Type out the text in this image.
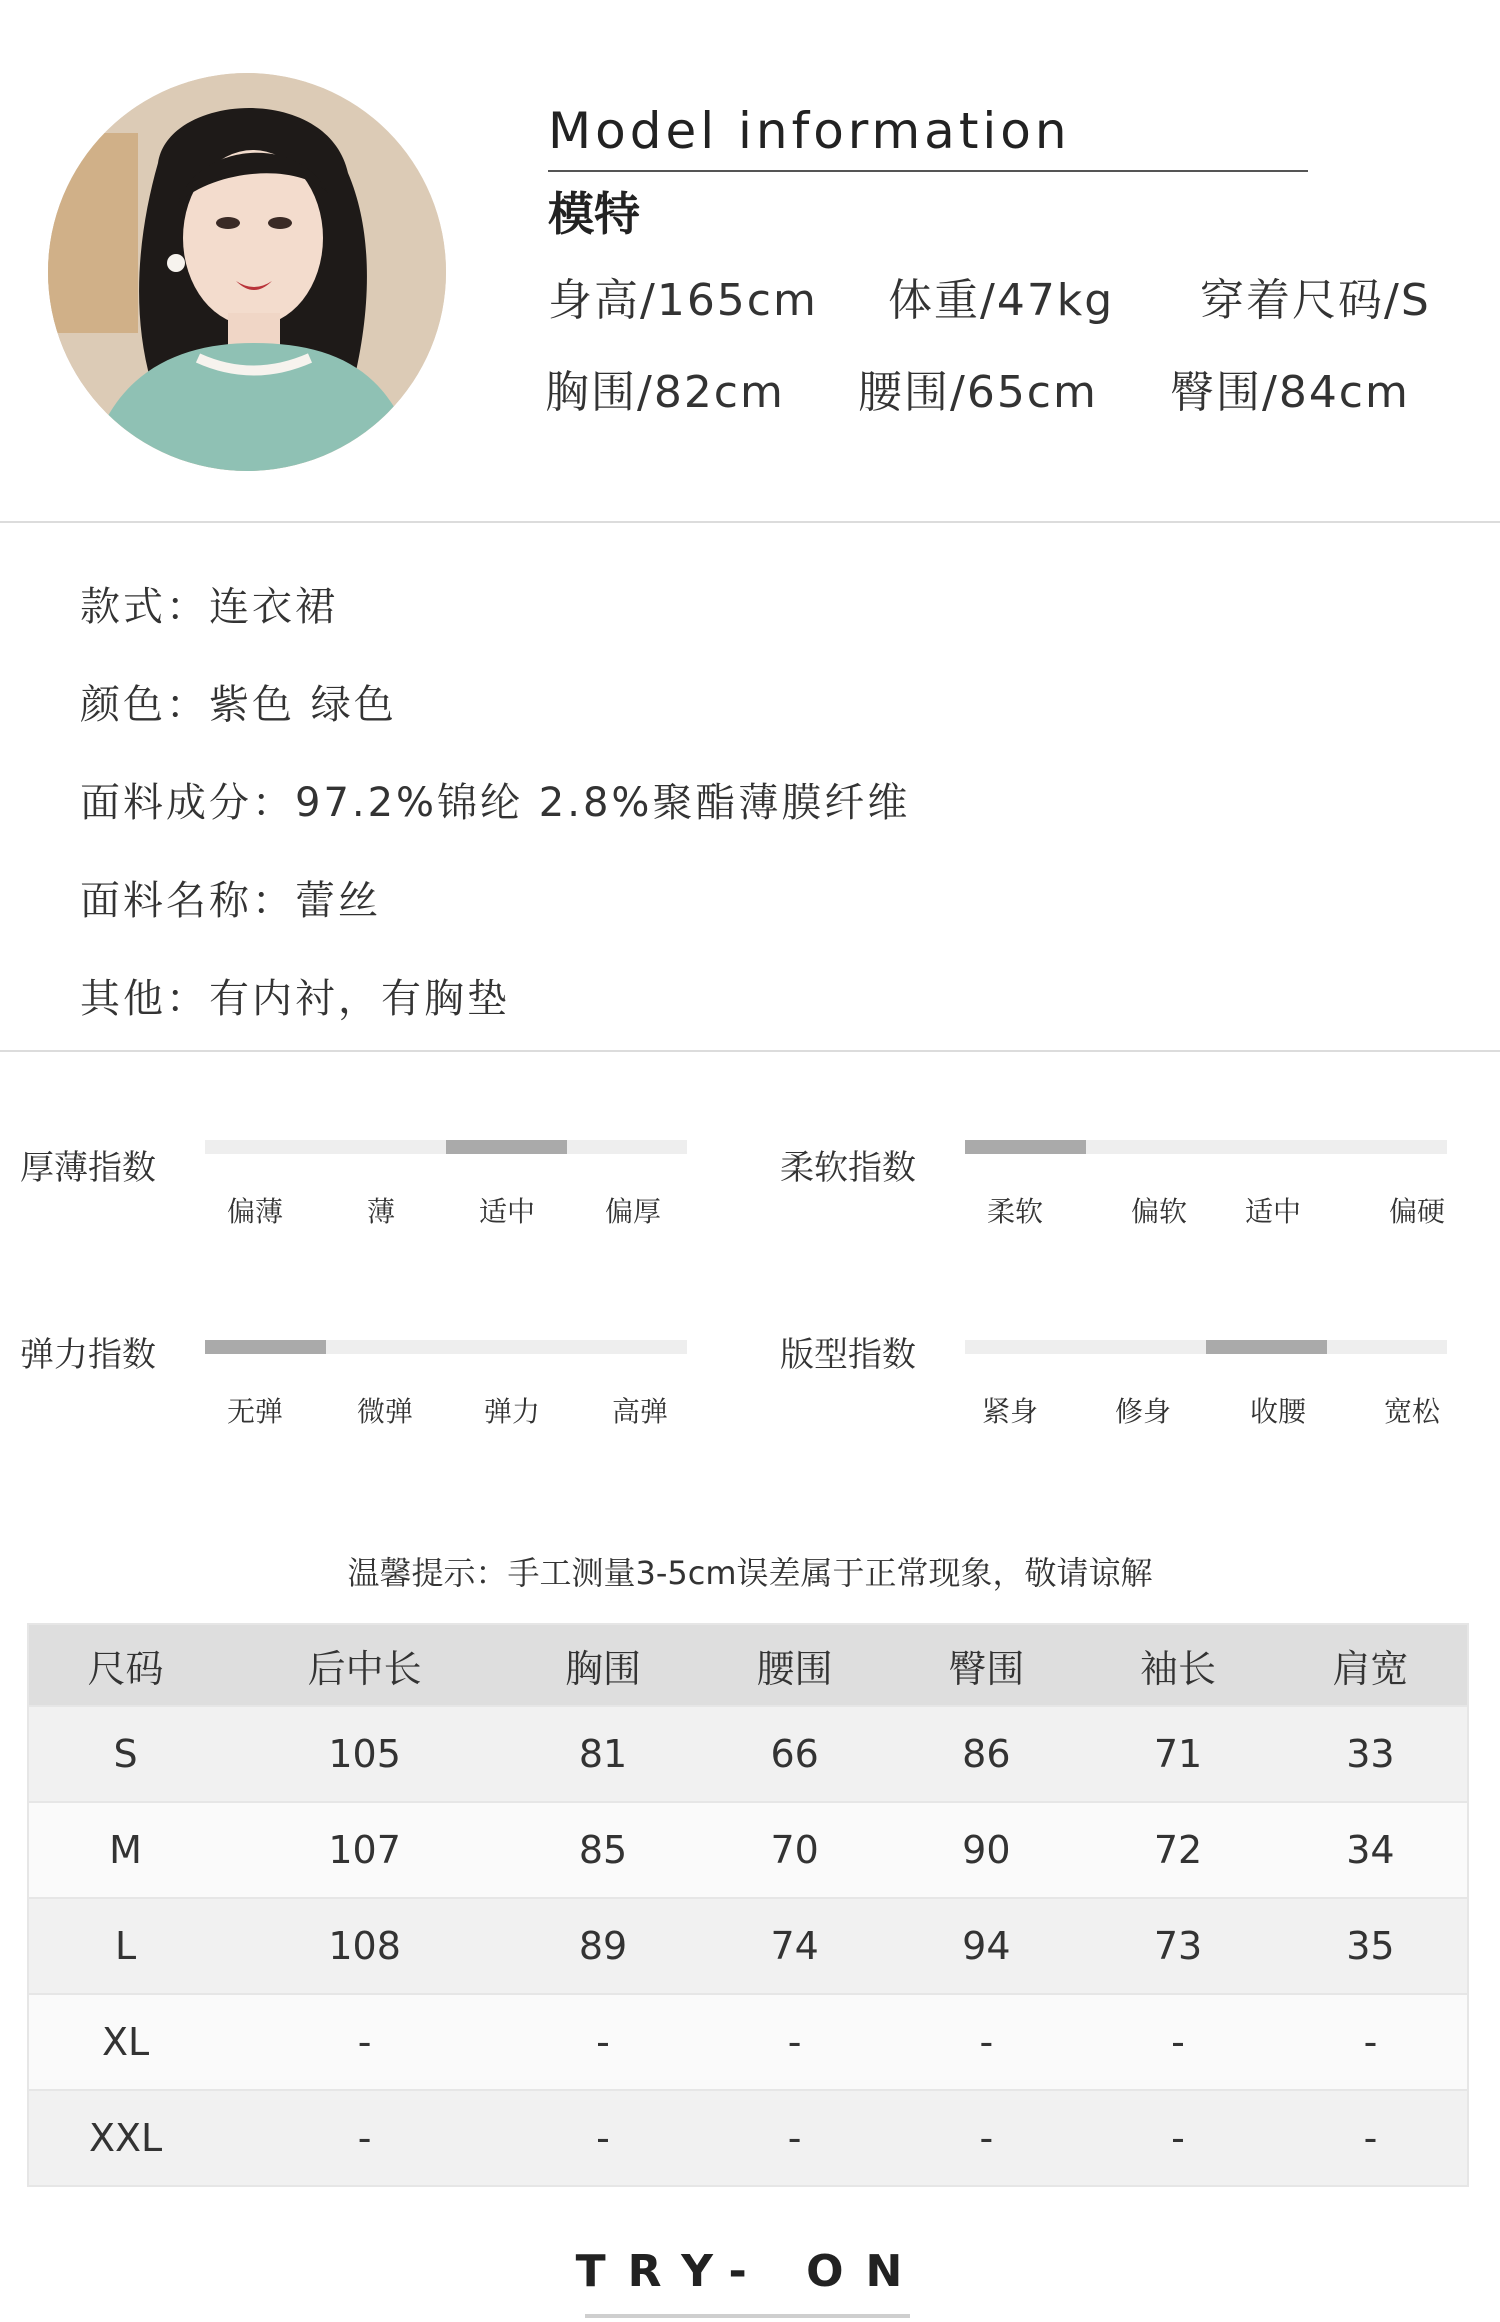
Model information
模特
身高/165cm 体重/47kg 穿着尺码/S
胸围/82cm 腰围/65cm 臀围/84cm
款式：连衣裙
颜色：紫色 绿色
面料成分：97.2%锦纶 2.8%聚酯薄膜纤维
面料名称：蕾丝
其他：有内衬，有胸垫
厚薄指数
偏薄	薄	适中	偏厚
柔软指数
柔软	偏软	适中	偏硬
弹力指数
无弹	微弹	弹力	高弹
版型指数
紧身	修身	收腰	宽松
温馨提示：手工测量3-5cm误差属于正常现象，敬请谅解
尺码	后中长	胸围	腰围	臀围	袖长	肩宽
S	105	81	66	86	71	33
M	107	85	70	90	72	34
L	108	89	74	94	73	35
XL	-	-	-	-	-	-
XXL	-	-	-	-	-	-
TRY- ON
